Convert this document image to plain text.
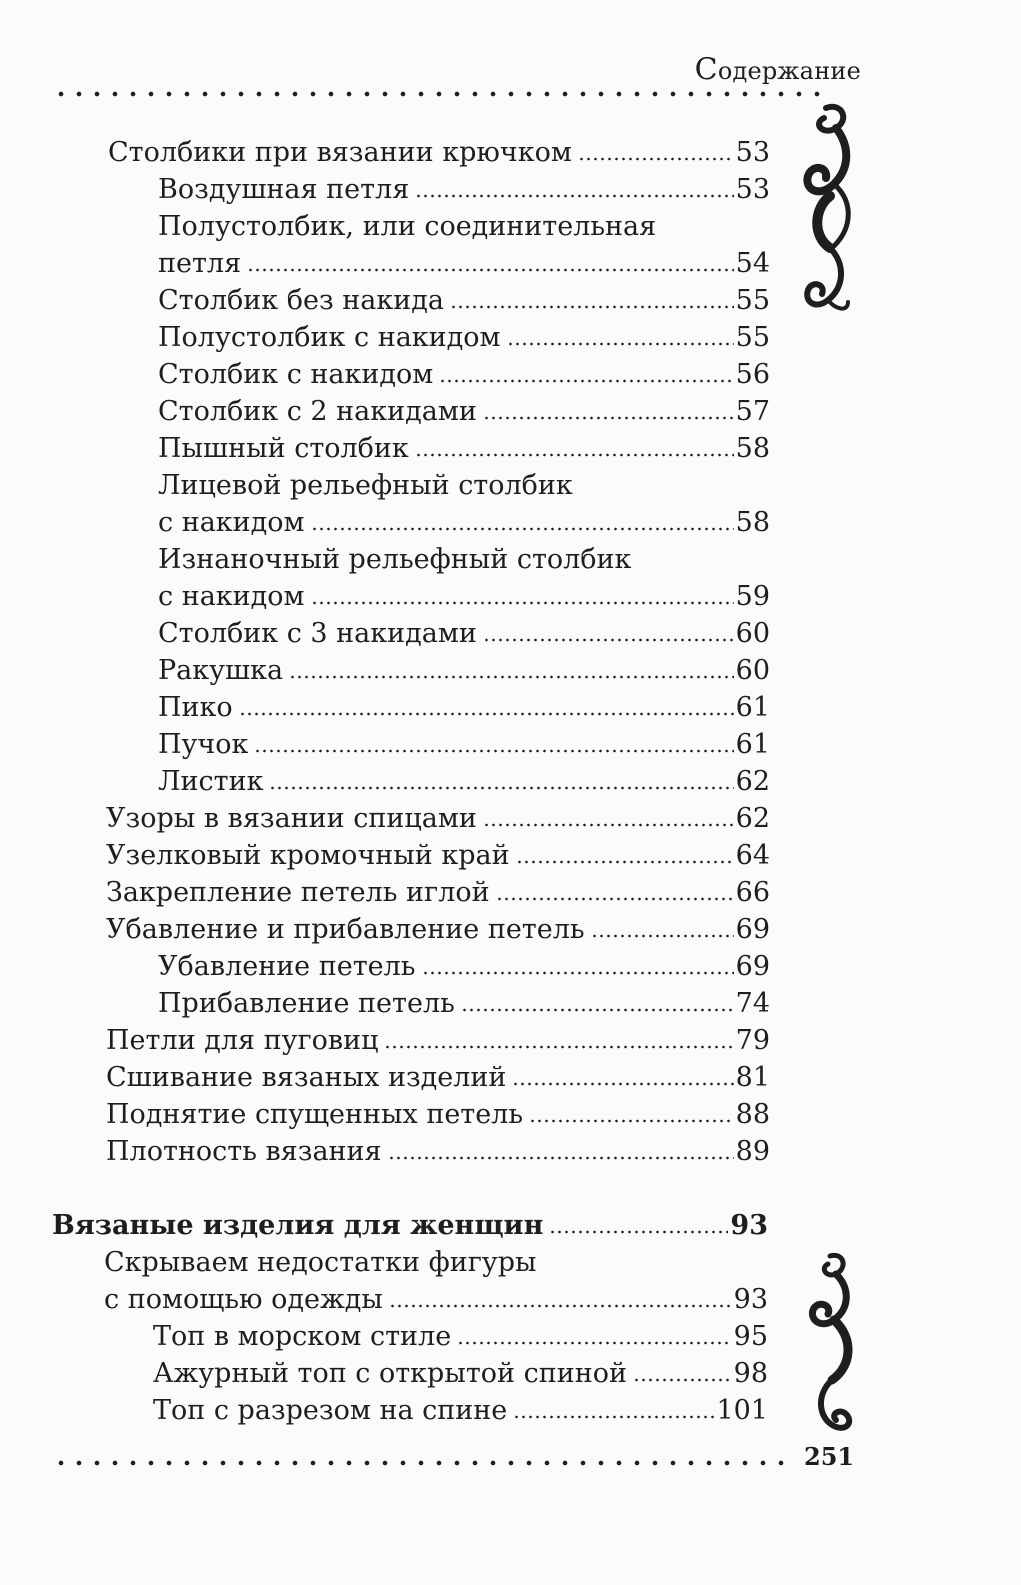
Содержание
Столбики при вязании крючком	53
Воздушная петля	53
Полустолбик, или соединительная
петля	54
Столбик без накида	55
Полустолбик с накидом	55
Столбик с накидом	56
Столбик с 2 накидами	57
Пышный столбик	58
Лицевой рельефный столбик
с накидом	58
Изнаночный рельефный столбик
с накидом	59
Столбик с 3 накидами	60
Ракушка	60
Пико	61
Пучок	61
Листик	62
Узоры в вязании спицами	62
Узелковый кромочный край	64
Закрепление петель иглой	66
Убавление и прибавление петель	69
Убавление петель	69
Прибавление петель	74
Петли для пуговиц	79
Сшивание вязаных изделий	81
Поднятие спущенных петель	88
Плотность вязания	89
Вязаные изделия для женщин	93
Скрываем недостатки фигуры
с помощью одежды	93
Топ в морском стиле	95
Ажурный топ с открытой спиной	98
Топ с разрезом на спине	101
251
